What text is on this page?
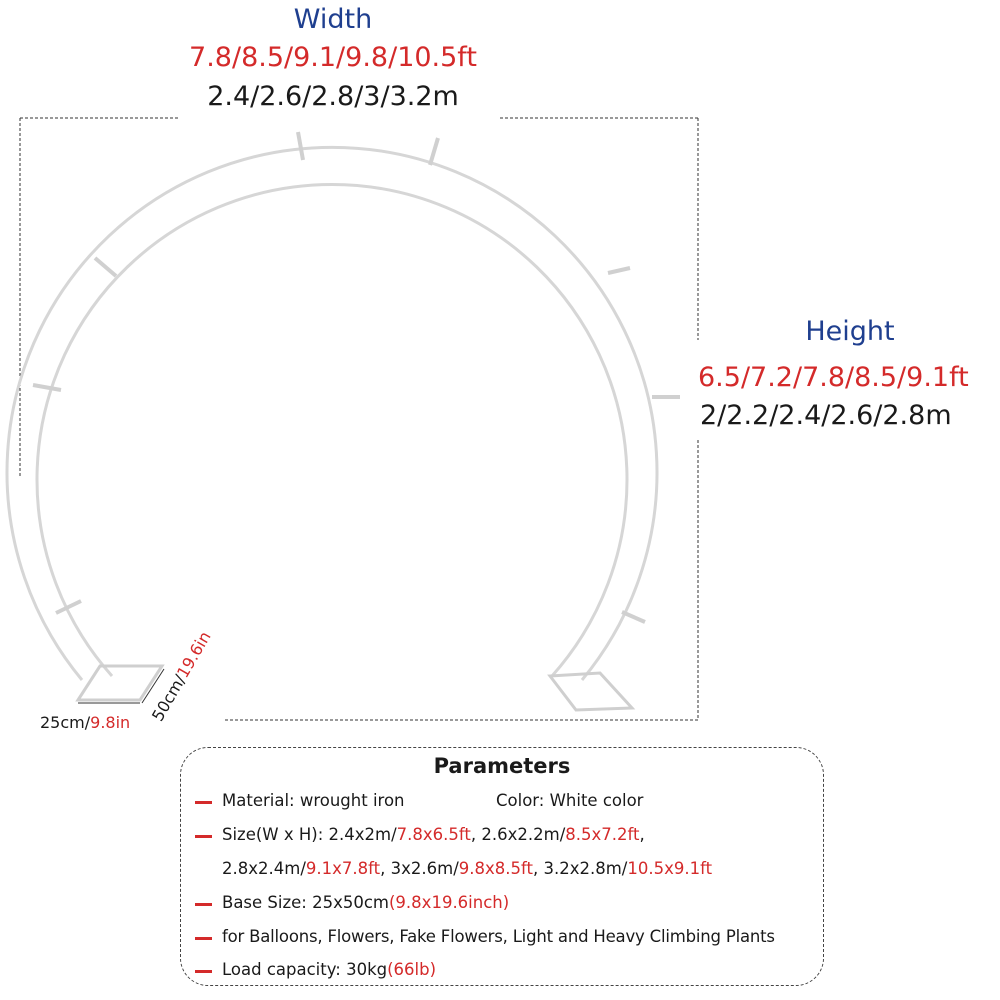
Width
7.8/8.5/9.1/9.8/10.5ft
2.4/2.6/2.8/3/3.2m
Height
6.5/7.2/7.8/8.5/9.1ft
2/2.2/2.4/2.6/2.8m
25cm/9.8in 50cm/19.6in
Parameters
Material: wrought iron	Color: White color
Size(W x H): 2.4x2m/7.8x6.5ft, 2.6x2.2m/8.5x7.2ft,
2.8x2.4m/9.1x7.8ft, 3x2.6m/9.8x8.5ft, 3.2x2.8m/10.5x9.1ft
Base Size: 25x50cm(9.8x19.6inch)
for Balloons, Flowers, Fake Flowers, Light and Heavy Climbing Plants
Load capacity: 30kg(66lb)
